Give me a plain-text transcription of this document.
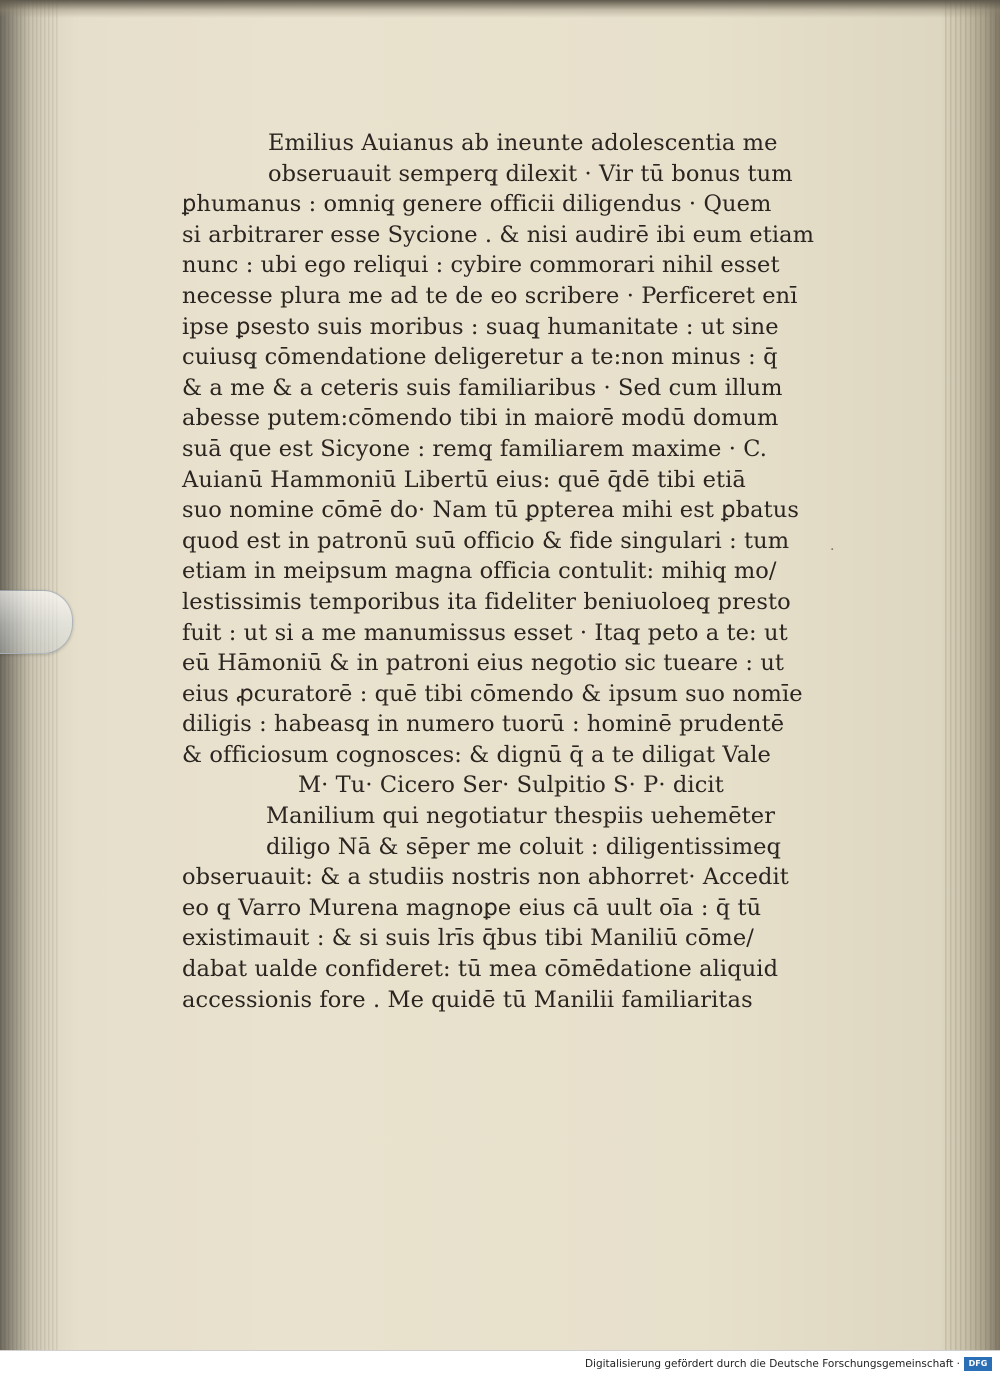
Emilius Auianus ab ineunte adolescentia me
obseruauit semperq̧ dilexit · Vir tū bonus tum
ꝑhumanus : omniq̧ genere officii diligendus · Quem
si arbitrarer esse Sycione . & nisi audirē ibi eum etiam
nunc : ubi ego reliqui : cybire commorari nihil esset
necesse plura me ad te de eo scribere · Perficeret enī
ipse ꝑsesto suis moribus : suaq̧ humanitate : ut sine
cuiusq̧ cōmendatione deligeretur a te:non minus : q̄
& a me & a ceteris suis familiaribus · Sed cum illum
abesse putem:cōmendo tibi in maiorē modū domum
suā que est Sicyone : remq̧ familiarem maxime · C.
Auianū Hammoniū Libertū eius: quē q̄dē tibi etiā
suo nomine cōmē do· Nam tū ꝑpterea mihi est ꝑbatus
quod est in patronū suū officio & fide singulari : tum
etiam in meipsum magna officia contulit: mihiq̧ mo/
lestissimis temporibus ita fideliter beniuoloeq̧ presto
fuit : ut si a me manumissus esset · Itaq̧ peto a te: ut
eū Hāmoniū & in patroni eius negotio sic tueare : ut
eius ꝓcuratorē : quē tibi cōmendo & ipsum suo nomīe
diligis : habeasq̧ in numero tuorū : hominē prudentē
& officiosum cognosces: & dignū q̄ a te diligat Vale
M· Tu· Cicero Ser· Sulpitio S· P· dicit
Manilium qui negotiatur thespiis uehemēter
diligo Nā & sēper me coluit : diligentissimeq̧
obseruauit: & a studiis nostris non abhorret· Accedit
eo q̧ Varro Murena magnoꝑe eius cā uult oīa : q̄ tū
existimauit : & si suis lrīs q̄bus tibi Maniliū cōme/
dabat ualde confideret: tū mea cōmēdatione aliquid
accessionis fore . Me quidē tū Manilii familiaritas
·
Digitalisierung gefördert durch die Deutsche Forschungsgemeinschaft ·	DFG
